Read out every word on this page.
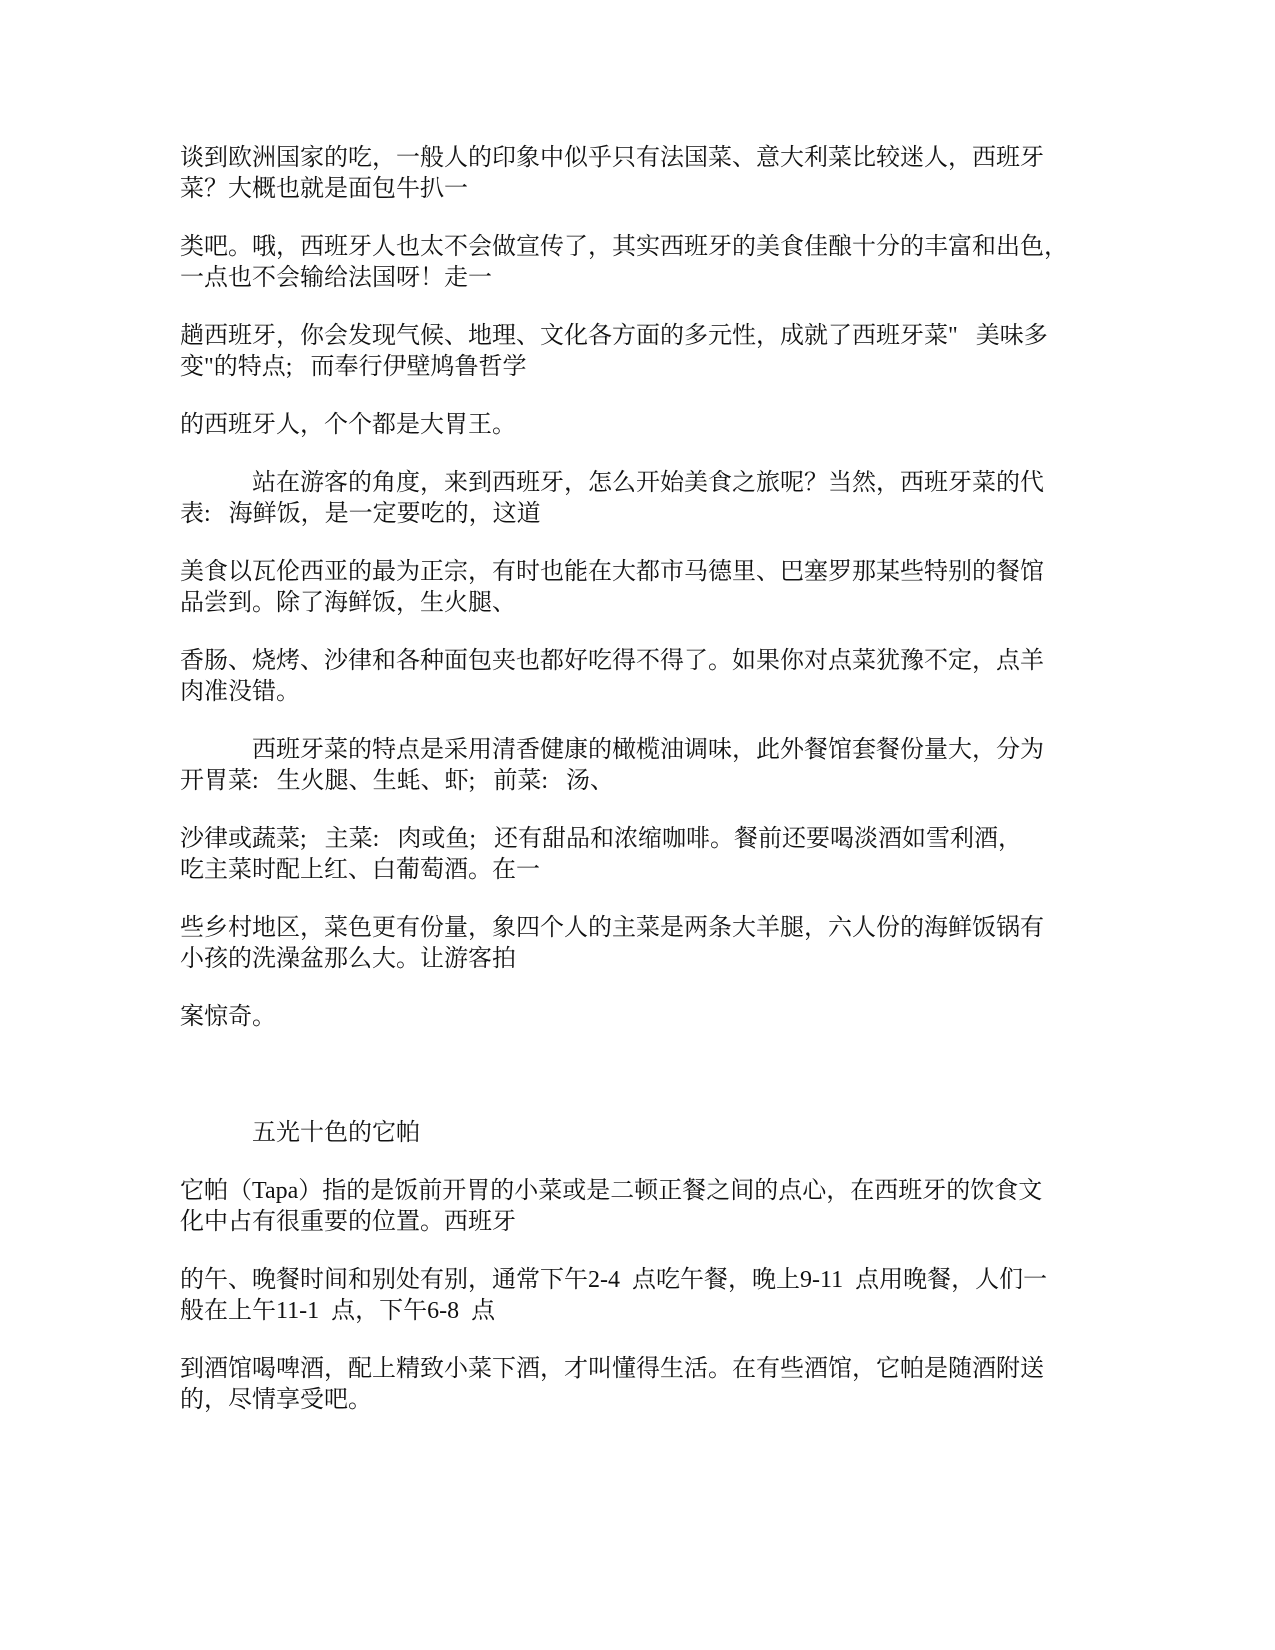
谈到欧洲国家的吃，一般人的印象中似乎只有法国菜、意大利菜比较迷人，西班牙
菜？大概也就是面包牛扒一
类吧。哦，西班牙人也太不会做宣传了，其实西班牙的美食佳酿十分的丰富和出色，
一点也不会输给法国呀！走一
趟西班牙，你会发现气候、地理、文化各方面的多元性，成就了西班牙菜"   美味多
变"的特点;   而奉行伊壁鸠鲁哲学
的西班牙人，个个都是大胃王。
站在游客的角度，来到西班牙，怎么开始美食之旅呢？当然，西班牙菜的代
表:   海鲜饭，是一定要吃的，这道
美食以瓦伦西亚的最为正宗，有时也能在大都市马德里、巴塞罗那某些特别的餐馆
品尝到。除了海鲜饭，生火腿、
香肠、烧烤、沙律和各种面包夹也都好吃得不得了。如果你对点菜犹豫不定，点羊
肉准没错。
西班牙菜的特点是采用清香健康的橄榄油调味，此外餐馆套餐份量大，分为
开胃菜:   生火腿、生蚝、虾;   前菜:   汤、
沙律或蔬菜;   主菜:   肉或鱼;   还有甜品和浓缩咖啡。餐前还要喝淡酒如雪利酒，
吃主菜时配上红、白葡萄酒。在一
些乡村地区，菜色更有份量，象四个人的主菜是两条大羊腿，六人份的海鲜饭锅有
小孩的洗澡盆那么大。让游客拍
案惊奇。
五光十色的它帕
它帕（Tapa）指的是饭前开胃的小菜或是二顿正餐之间的点心，在西班牙的饮食文
化中占有很重要的位置。西班牙
的午、晚餐时间和别处有别，通常下午2-4  点吃午餐，晚上9-11  点用晚餐，人们一
般在上午11-1  点，下午6-8  点
到酒馆喝啤酒，配上精致小菜下酒，才叫懂得生活。在有些酒馆，它帕是随酒附送
的，尽情享受吧。
